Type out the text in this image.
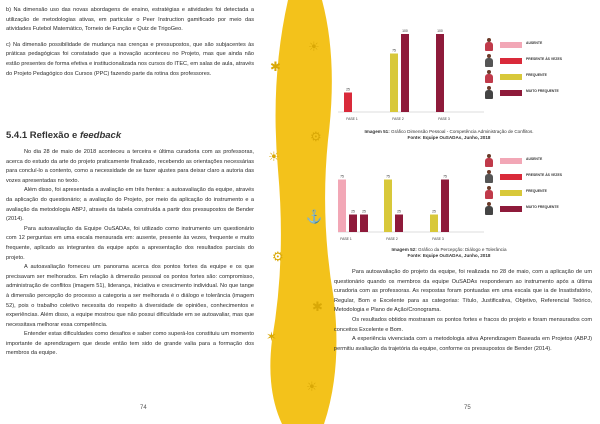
b) Na dimensão uso das novas abordagens de ensino, estratégias e atividades foi detectada a utilização de metodologias ativas, em particular o Peer Instruction gamificado por meio das atividades Futebol Matemático, Torneio de Função e Quiz de TrigoGeo.

c) Na dimensão possibilidade de mudança nas crenças e pressupostos, que são subjacentes às práticas pedagógicas foi constatado que a inovação aconteceu no Projeto, mas que ainda não estão presentes de forma efetiva e institucionalizada nos cursos do ITEC, em salas de aula, através do Projeto Pedagógico dos Cursos (PPC) fazendo parte da rotina dos professores.

5.4.1 Reflexão e feedback

No dia 28 de maio de 2018 aconteceu a terceira e última curadoria com as professoras, acerca do estudo da arte do projeto praticamente finalizado, recebendo as orientações necessárias para concluí-lo a contento, como a necessidade de se fazer ajustes para deixar claro a autoria das vozes apresentadas no texto.

Além disso, foi apresentada a avaliação em três frentes: a autoavaliação da equipe, através da aplicação do questionário; a avaliação do Projeto, por meio da aplicação do instrumento e a avaliação da metodologia ABPJ, através da tabela construída a partir dos pressupostos de Bender (2014).

Para autoavaliação da Equipe OuSADAs, foi utilizado como instrumento um questionário com 12 perguntas em uma escala mensurada em: ausente, presente às vezes, frequente e muito frequente, aplicado as integrantes da equipe após a apresentação dos resultados parciais do projeto.

A autoavaliação forneceu um panorama acerca dos pontos fortes da equipe e os que precisavam ser melhorados. Em relação à dimensão pessoal os pontos fortes são: compromisso, administração de conflitos (imagem 51), liderança, iniciativa e crescimento individual. No que tange à dimensão percepção do processo a categoria a ser melhorada é o diálogo e tolerância (imagem 52), pois o trabalho coletivo necessita do respeito à diversidade de opiniões, conhecimentos e experiências. Além disso, a equipe mostrou que não possui dificuldade em se autoavaliar, mas que necessitava melhorar essa competência.

Entender estas dificuldades como desafios e saber como superá-los constituiu um momento importante de aprendizagem que desde então tem sido de grande valia para a formação dos membros da equipe.

74
✱
☀
⚙
✶
☀
⚙
⚓
✱
☀
25
75
100	100
FASE 1	FASE 2	FASE 3
AUSENTE
PRESENTE ÀS VEZES
FREQUENTE
MUITO FREQUENTE
Imagem 51: Gráfico Dimensão Pessoal - Competência Administração de Conflitos.
Fonte: Equipe OuSADAs, Junho, 2018
75
25 25
75
25	25
75
FASE 1	FASE 2	FASE 3
AUSENTE
PRESENTE ÀS VEZES
FREQUENTE
MUITO FREQUENTE
Imagem 52: Gráfico da Percepção: Diálogo e Tolerância
Fonte: Equipe OuSADAs, Junho, 2018

Para autoavaliação do projeto da equipe, foi realizada no 28 de maio, com a aplicação de um questionário quando os membros da equipe OuSADAs responderam ao instrumento após a última curadoria com as professoras. As respostas foram pontuadas em uma escala que ia de Insatisfatório, Regular, Bom e Excelente para as categorias: Título, Justificativa, Objetivo, Referencial Teórico, Metodologia e Plano de Ação/Cronograma.

Os resultados obtidos mostraram os pontos fortes e fracos do projeto e foram mensurados com conceitos Excelente e Bom.

A experiência vivenciada com a metodologia ativa Aprendizagem Baseada em Projetos (ABPJ) permitiu avaliação da trajetória da equipe, conforme os pressupostos de Bender (2014).

75
